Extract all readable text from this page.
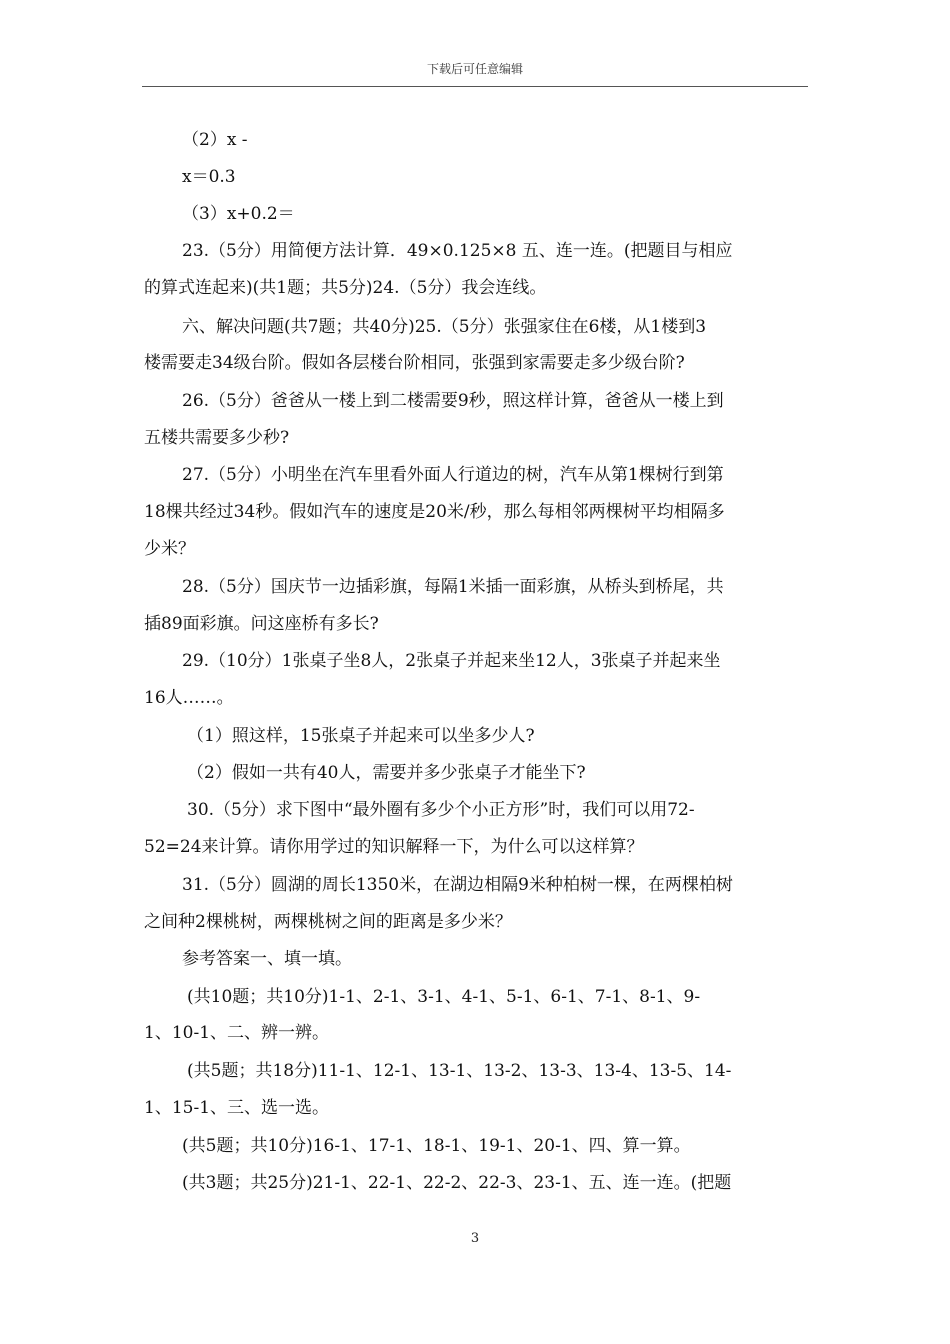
下载后可任意编辑
（2）x -
x＝0.3
（3）x+0.2＝
23.（5分）用简便方法计算．49×0.125×8 五、连一连。(把题目与相应
的算式连起来)(共1题；共5分)24.（5分）我会连线。
六、解决问题(共7题；共40分)25.（5分）张强家住在6楼，从1楼到3
楼需要走34级台阶。假如各层楼台阶相同，张强到家需要走多少级台阶?
26.（5分）爸爸从一楼上到二楼需要9秒，照这样计算，爸爸从一楼上到
五楼共需要多少秒?
27.（5分）小明坐在汽车里看外面人行道边的树，汽车从第1棵树行到第
18棵共经过34秒。假如汽车的速度是20米/秒，那么每相邻两棵树平均相隔多
少米？
28.（5分）国庆节一边插彩旗，每隔1米插一面彩旗，从桥头到桥尾，共
插89面彩旗。问这座桥有多长?
29.（10分）1张桌子坐8人，2张桌子并起来坐12人，3张桌子并起来坐
16人……。
（1）照这样，15张桌子并起来可以坐多少人?
（2）假如一共有40人，需要并多少张桌子才能坐下?
30.（5分）求下图中“最外圈有多少个小正方形”时，我们可以用72-
52=24来计算。请你用学过的知识解释一下，为什么可以这样算？
31.（5分）圆湖的周长1350米，在湖边相隔9米种柏树一棵，在两棵柏树
之间种2棵桃树，两棵桃树之间的距离是多少米？
参考答案一、填一填。
(共10题；共10分)1-1、2-1、3-1、4-1、5-1、6-1、7-1、8-1、9-
1、10-1、二、辨一辨。
(共5题；共18分)11-1、12-1、13-1、13-2、13-3、13-4、13-5、14-
1、15-1、三、选一选。
(共5题；共10分)16-1、17-1、18-1、19-1、20-1、四、算一算。
(共3题；共25分)21-1、22-1、22-2、22-3、23-1、五、连一连。(把题
3
